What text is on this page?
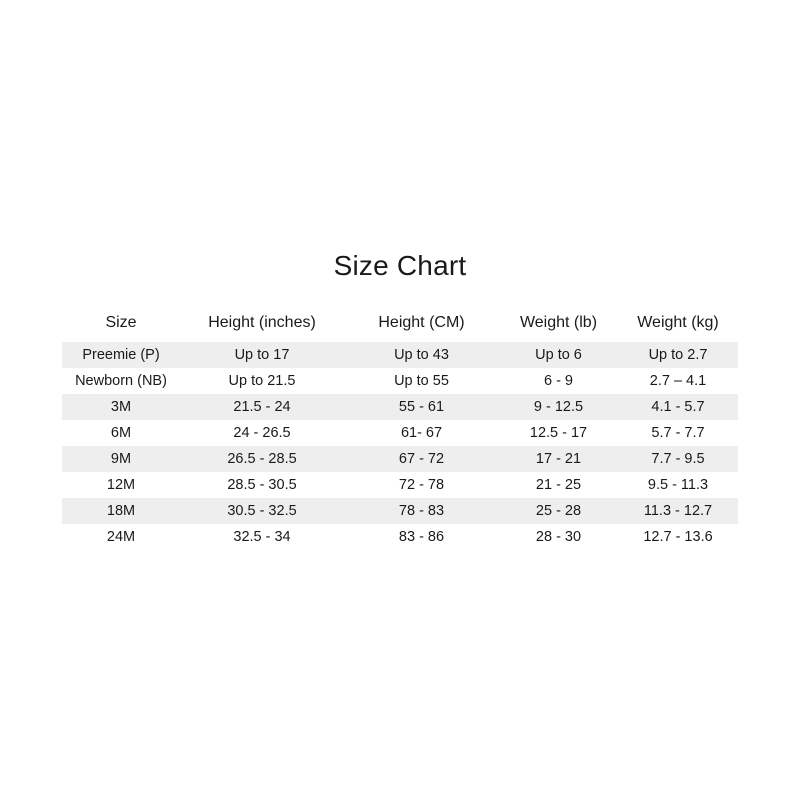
Size Chart
Size	Height (inches)	Height (CM)	Weight (lb)	Weight (kg)
Preemie (P)	Up to 17	Up to 43	Up to 6	Up to 2.7
Newborn (NB)	Up to 21.5	Up to 55	6 - 9	2.7 – 4.1
3M	21.5 - 24	55 - 61	9 - 12.5	4.1 - 5.7
6M	24 - 26.5	61- 67	12.5 - 17	5.7 - 7.7
9M	26.5 - 28.5	67 - 72	17 - 21	7.7 - 9.5
12M	28.5 - 30.5	72 - 78	21 - 25	9.5 - 11.3
18M	30.5 - 32.5	78 - 83	25 - 28	11.3 - 12.7
24M	32.5 - 34	83 - 86	28 - 30	12.7 - 13.6
